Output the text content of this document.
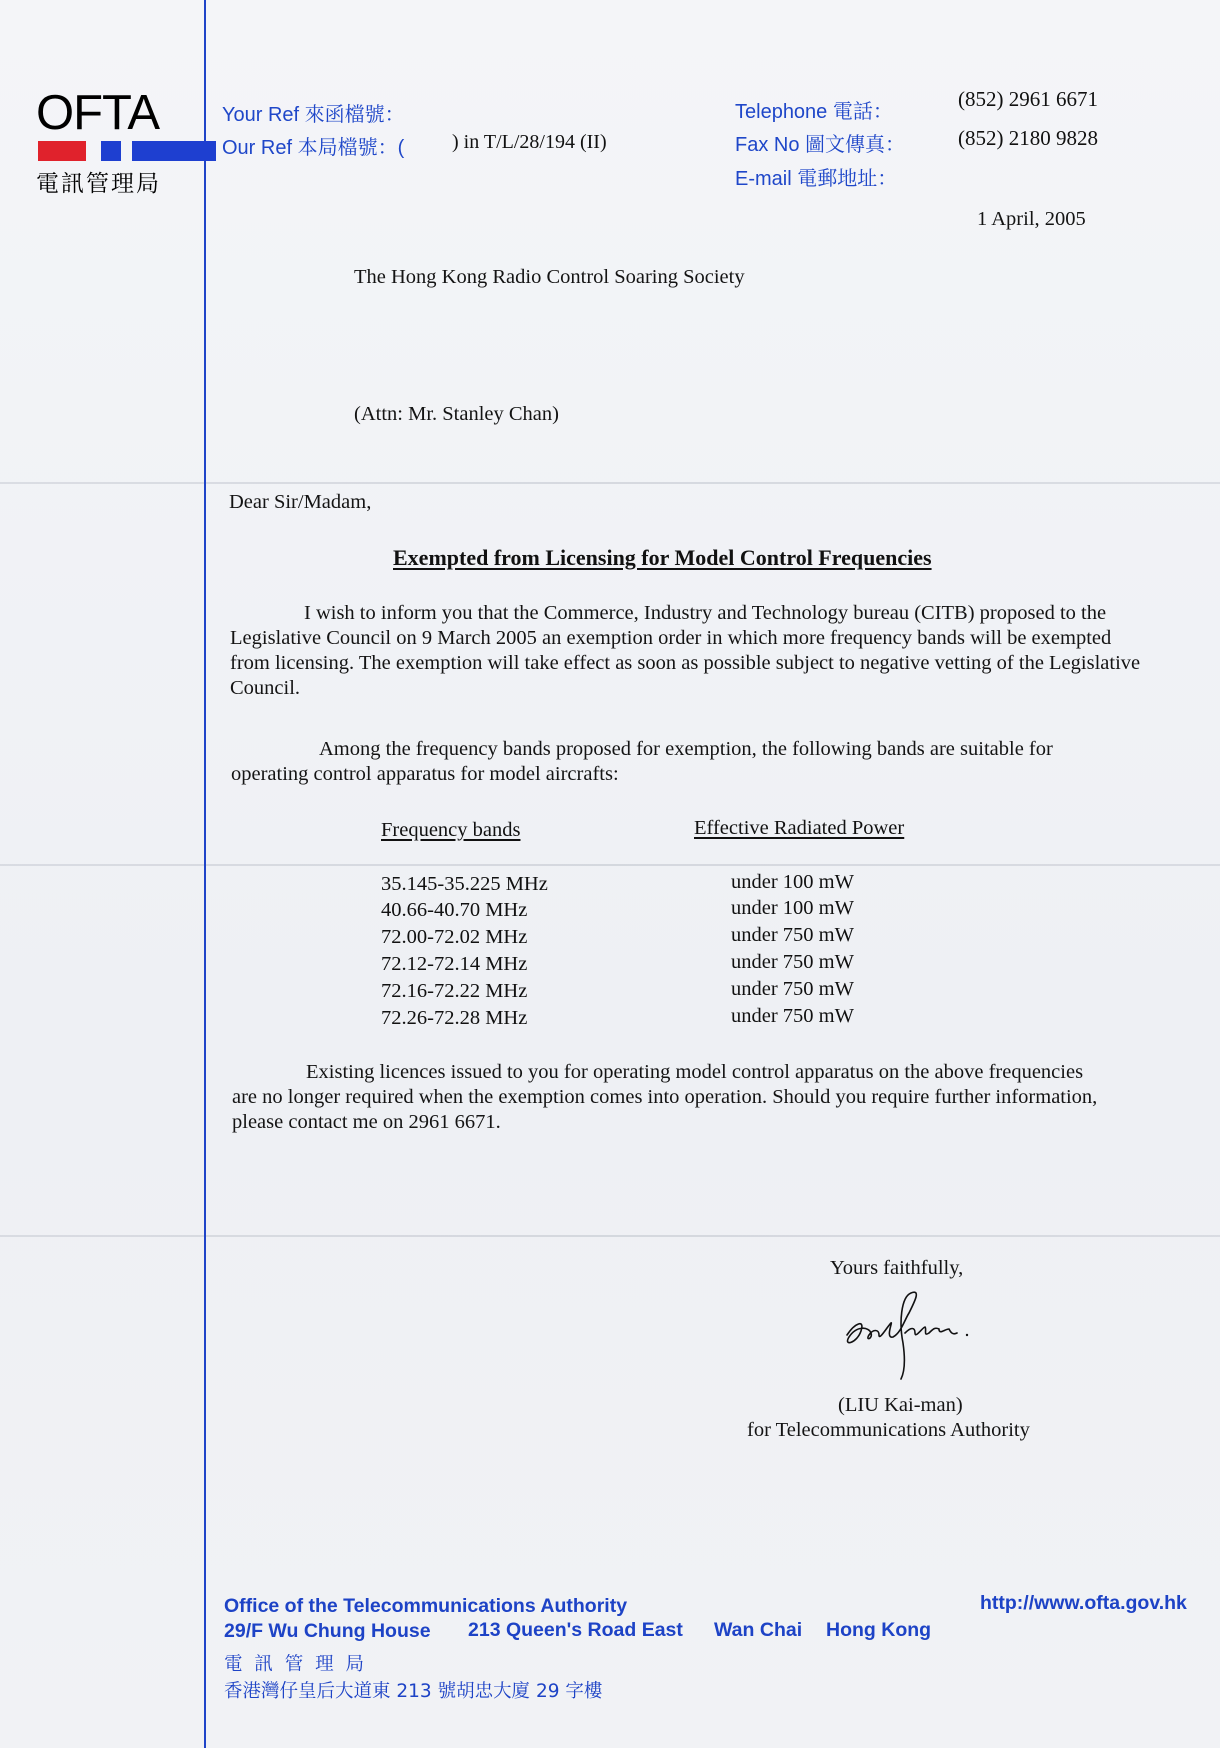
OFTA
電訊管理局
Your Ref 來函檔號：
Our Ref 本局檔號：( ) in T/L/28/194 (II)
Telephone 電話：
(852) 2961 6671
Fax No 圖文傳真：	(852) 2180 9828
E-mail 電郵地址：
1 April, 2005
The Hong Kong Radio Control Soaring Society
(Attn: Mr. Stanley Chan)
Dear Sir/Madam,
Exempted from Licensing for Model Control Frequencies
I wish to inform you that the Commerce, Industry and Technology bureau (CITB) proposed to the Legislative Council on 9 March 2005 an exemption order in which more frequency bands will be exempted from licensing. The exemption will take effect as soon as possible subject to negative vetting of the Legislative Council.
Among the frequency bands proposed for exemption, the following bands are suitable for operating control apparatus for model aircrafts:
Frequency bands	Effective Radiated Power
35.145-35.225 MHz	under 100 mW
40.66-40.70 MHz	under 100 mW
72.00-72.02 MHz	under 750 mW
72.12-72.14 MHz	under 750 mW
72.16-72.22 MHz	under 750 mW
72.26-72.28 MHz	under 750 mW
Existing licences issued to you for operating model control apparatus on the above frequencies are no longer required when the exemption comes into operation. Should you require further information, please contact me on 2961 6671.
Yours faithfully,
(LIU Kai-man)
for Telecommunications Authority
Office of the Telecommunications Authority
29/F Wu Chung House 213 Queen's Road East Wan Chai Hong Kong
http://www.ofta.gov.hk
電 訊 管 理 局
香港灣仔皇后大道東 213 號胡忠大廈 29 字樓
